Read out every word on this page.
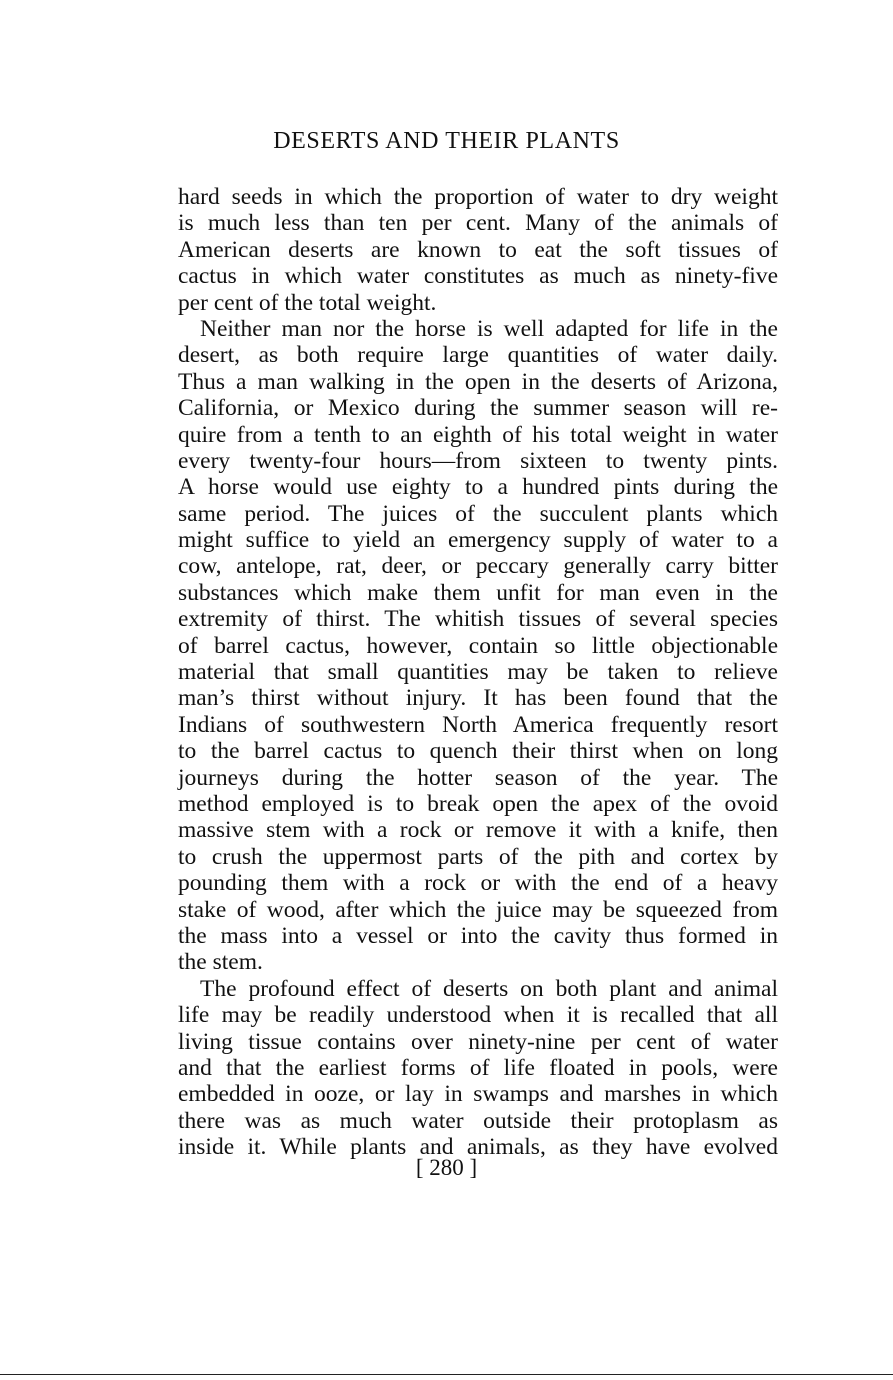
DESERTS AND THEIR PLANTS
hard seeds in which the proportion of water to dry weight
is much less than ten per cent. Many of the animals of
American deserts are known to eat the soft tissues of
cactus in which water constitutes as much as ninety-five
per cent of the total weight.
Neither man nor the horse is well adapted for life in the
desert, as both require large quantities of water daily.
Thus a man walking in the open in the deserts of Arizona,
California, or Mexico during the summer season will re-
quire from a tenth to an eighth of his total weight in water
every twenty-four hours—from sixteen to twenty pints.
A horse would use eighty to a hundred pints during the
same period. The juices of the succulent plants which
might suffice to yield an emergency supply of water to a
cow, antelope, rat, deer, or peccary generally carry bitter
substances which make them unfit for man even in the
extremity of thirst. The whitish tissues of several species
of barrel cactus, however, contain so little objectionable
material that small quantities may be taken to relieve
man’s thirst without injury. It has been found that the
Indians of southwestern North America frequently resort
to the barrel cactus to quench their thirst when on long
journeys during the hotter season of the year. The
method employed is to break open the apex of the ovoid
massive stem with a rock or remove it with a knife, then
to crush the uppermost parts of the pith and cortex by
pounding them with a rock or with the end of a heavy
stake of wood, after which the juice may be squeezed from
the mass into a vessel or into the cavity thus formed in
the stem.
The profound effect of deserts on both plant and animal
life may be readily understood when it is recalled that all
living tissue contains over ninety-nine per cent of water
and that the earliest forms of life floated in pools, were
embedded in ooze, or lay in swamps and marshes in which
there was as much water outside their protoplasm as
inside it. While plants and animals, as they have evolved
[ 280 ]
